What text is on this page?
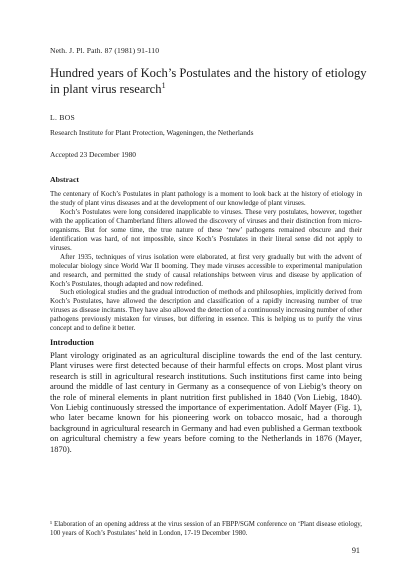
Neth. J. Pl. Path. 87 (1981) 91-110
Hundred years of Koch’s Postulates and the history of etiology in plant virus research$^1$
L. BOS
Research Institute for Plant Protection, Wageningen, the Netherlands
Accepted 23 December 1980
Abstract

The centenary of Koch’s Postulates in plant pathology is a moment to look back at the history of etiology in the study of plant virus diseases and at the development of our knowledge of plant viruses.

Koch’s Postulates were long considered inapplicable to viruses. These very postulates, however, together with the application of Chamberland filters allowed the discovery of viruses and their distinction from micro-organisms. But for some time, the true nature of these ‘new’ pathogens remained obscure and their identification was hard, of not impossible, since Koch’s Postulates in their literal sense did not apply to viruses.

After 1935, techniques of virus isolation were elaborated, at first very gradually but with the advent of molecular biology since World War II booming. They made viruses accessible to experimental manipulation and research, and permitted the study of causal relationships between virus and disease by application of Koch’s Postulates, though adapted and now redefined.

Such etiological studies and the gradual introduction of methods and philosophies, implicitly derived from Koch’s Postulates, have allowed the description and classification of a rapidly increasing number of true viruses as disease incitants. They have also allowed the detection of a continuously increasing number of other pathogens previously mistaken for viruses, but differing in essence. This is helping us to purify the virus concept and to define it better.

Introduction

Plant virology originated as an agricultural discipline towards the end of the last century. Plant viruses were first detected because of their harmful effects on crops. Most plant virus research is still in agricultural research institutions. Such institutions first came into being around the middle of last century in Germany as a consequence of von Liebig’s theory on the role of mineral elements in plant nutrition first published in 1840 (Von Liebig, 1840). Von Liebig continuously stressed the importance of experimentation. Adolf Mayer (Fig. 1), who later became known for his pioneering work on tobacco mosaic, had a thorough background in agricultural research in Germany and had even published a German textbook on agricultural chemistry a few years before coming to the Netherlands in 1876 (Mayer, 1870).

¹ Elaboration of an opening address at the virus session of an FBPP/SGM conference on ‘Plant disease etiology, 100 years of Koch’s Postulates’ held in London, 17-19 December 1980.

91
